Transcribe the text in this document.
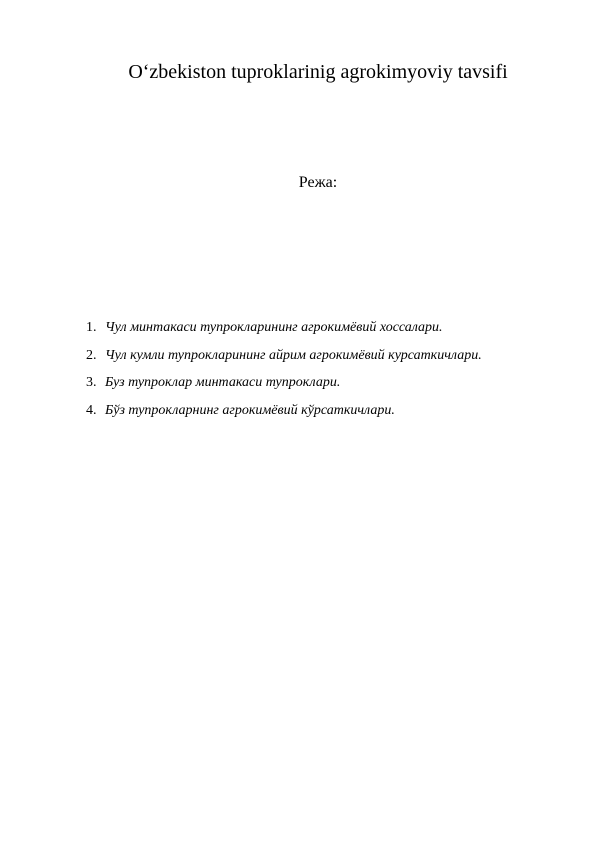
O‘zbekiston tuproklarinig agrokimyoviy tavsifi
Режа:
1. Чул минтакаси тупрокларининг агрокимёвий хоссалари.
2. Чул кумли тупрокларининг айрим агрокимёвий курсаткичлари.
3. Буз тупроклар минтакаси тупроклари.
4. Бўз тупрокларнинг агрокимёвий кўрсаткичлари.
